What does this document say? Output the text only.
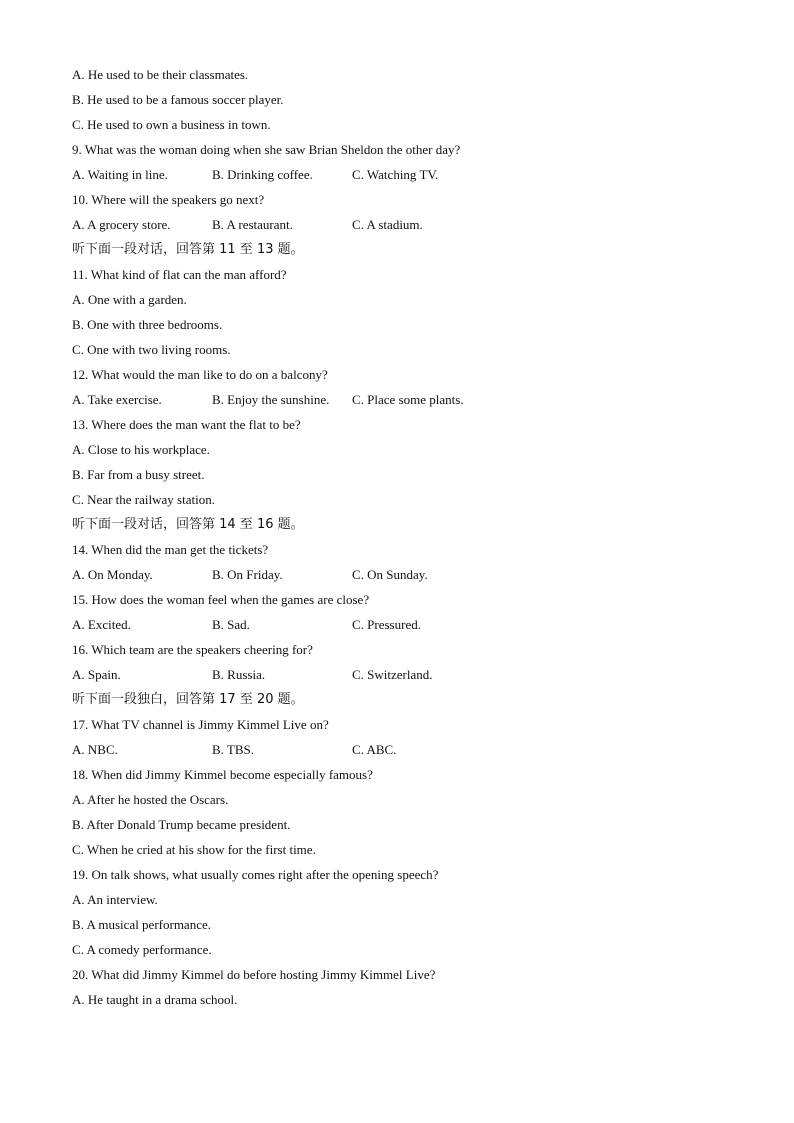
A. He used to be their classmates.
B. He used to be a famous soccer player.
C. He used to own a business in town.
9. What was the woman doing when she saw Brian Sheldon the other day?
A. Waiting in line.	B. Drinking coffee.	C. Watching TV.
10. Where will the speakers go next?
A. A grocery store.	B. A restaurant.	C. A stadium.
听下面一段对话，回答第 11 至 13 题。
11. What kind of flat can the man afford?
A. One with a garden.
B. One with three bedrooms.
C. One with two living rooms.
12. What would the man like to do on a balcony?
A. Take exercise.	B. Enjoy the sunshine. C. Place some plants.
13. Where does the man want the flat to be?
A. Close to his workplace.
B. Far from a busy street.
C. Near the railway station.
听下面一段对话，回答第 14 至 16 题。
14. When did the man get the tickets?
A. On Monday.	B. On Friday.	C. On Sunday.
15. How does the woman feel when the games are close?
A. Excited.	B. Sad.	C. Pressured.
16. Which team are the speakers cheering for?
A. Spain.	B. Russia.	C. Switzerland.
听下面一段独白，回答第 17 至 20 题。
17. What TV channel is Jimmy Kimmel Live on?
A. NBC.	B. TBS.	C. ABC.
18. When did Jimmy Kimmel become especially famous?
A. After he hosted the Oscars.
B. After Donald Trump became president.
C. When he cried at his show for the first time.
19. On talk shows, what usually comes right after the opening speech?
A. An interview.
B. A musical performance.
C. A comedy performance.
20. What did Jimmy Kimmel do before hosting Jimmy Kimmel Live?
A. He taught in a drama school.
